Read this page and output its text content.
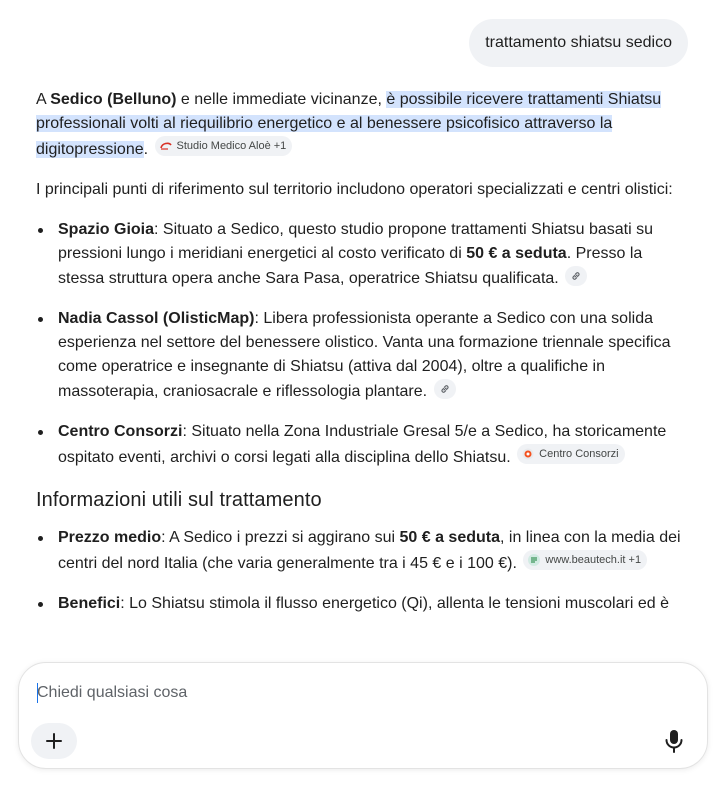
trattamento shiatsu sedico

A Sedico (Belluno) e nelle immediate vicinanze, è possibile ricevere trattamenti Shiatsu professionali volti al riequilibrio energetico e al benessere psicofisico attraverso la digitopressione.	Studio Medico Aloè +1

I principali punti di riferimento sul territorio includono operatori specializzati e centri olistici:

Spazio Gioia: Situato a Sedico, questo studio propone trattamenti Shiatsu basati su pressioni lungo i meridiani energetici al costo verificato di 50 € a seduta. Presso la stessa struttura opera anche Sara Pasa, operatrice Shiatsu qualificata.
Nadia Cassol (OlisticMap): Libera professionista operante a Sedico con una solida esperienza nel settore del benessere olistico. Vanta una formazione triennale specifica come operatrice e insegnante di Shiatsu (attiva dal 2004), oltre a qualifiche in massoterapia, craniosacrale e riflessologia plantare.
Centro Consorzi: Situato nella Zona Industriale Gresal 5/e a Sedico, ha storicamente ospitato eventi, archivi o corsi legati alla disciplina dello Shiatsu.	Centro Consorzi
Informazioni utili sul trattamento
Prezzo medio: A Sedico i prezzi si aggirano sui 50 € a seduta, in linea con la media dei centri del nord Italia (che varia generalmente tra i 45 € e i 100 €).	www.beautech.it +1
Benefici: Lo Shiatsu stimola il flusso energetico (Qi), allenta le tensioni muscolari ed è
Chiedi qualsiasi cosa
